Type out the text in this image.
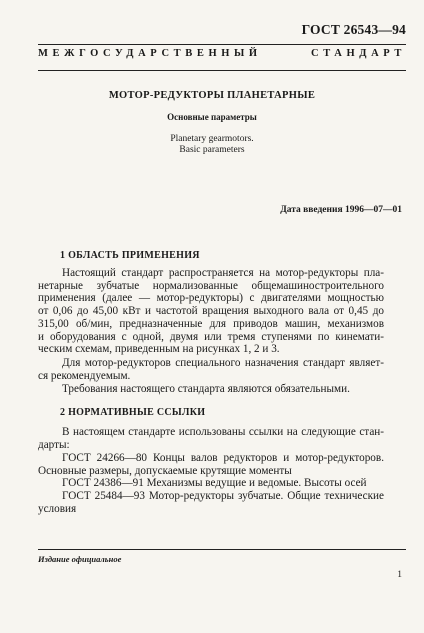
ГОСТ 26543—94
МЕЖГОСУДАРСТВЕННЫЙ	СТАНДАРТ
МОТОР-РЕДУКТОРЫ ПЛАНЕТАРНЫЕ
Основные параметры
Planetary gearmotors.
Basic parameters
Дата введения 1996—07—01
1 ОБЛАСТЬ ПРИМЕНЕНИЯ
Настоящий стандарт распространяется на мотор-редукторы пла-
нетарные зубчатые нормализованные общемашиностроительного
применения (далее — мотор-редукторы) с двигателями мощностью
от 0,06 до 45,00 кВт и частотой вращения выходного вала от 0,45 до
315,00 об/мин, предназначенные для приводов машин, механизмов
и оборудования с одной, двумя или тремя ступенями по кинемати-
ческим схемам, приведенным на рисунках 1, 2 и 3.
Для мотор-редукторов специального назначения стандарт являет-
ся рекомендуемым.
Требования настоящего стандарта являются обязательными.
2 НОРМАТИВНЫЕ ССЫЛКИ
В настоящем стандарте использованы ссылки на следующие стан-
дарты:
ГОСТ 24266—80 Концы валов редукторов и мотор-редукторов.
Основные размеры, допускаемые крутящие моменты
ГОСТ 24386—91 Механизмы ведущие и ведомые. Высоты осей
ГОСТ 25484—93 Мотор-редукторы зубчатые. Общие технические
условия
Издание официальное
1
